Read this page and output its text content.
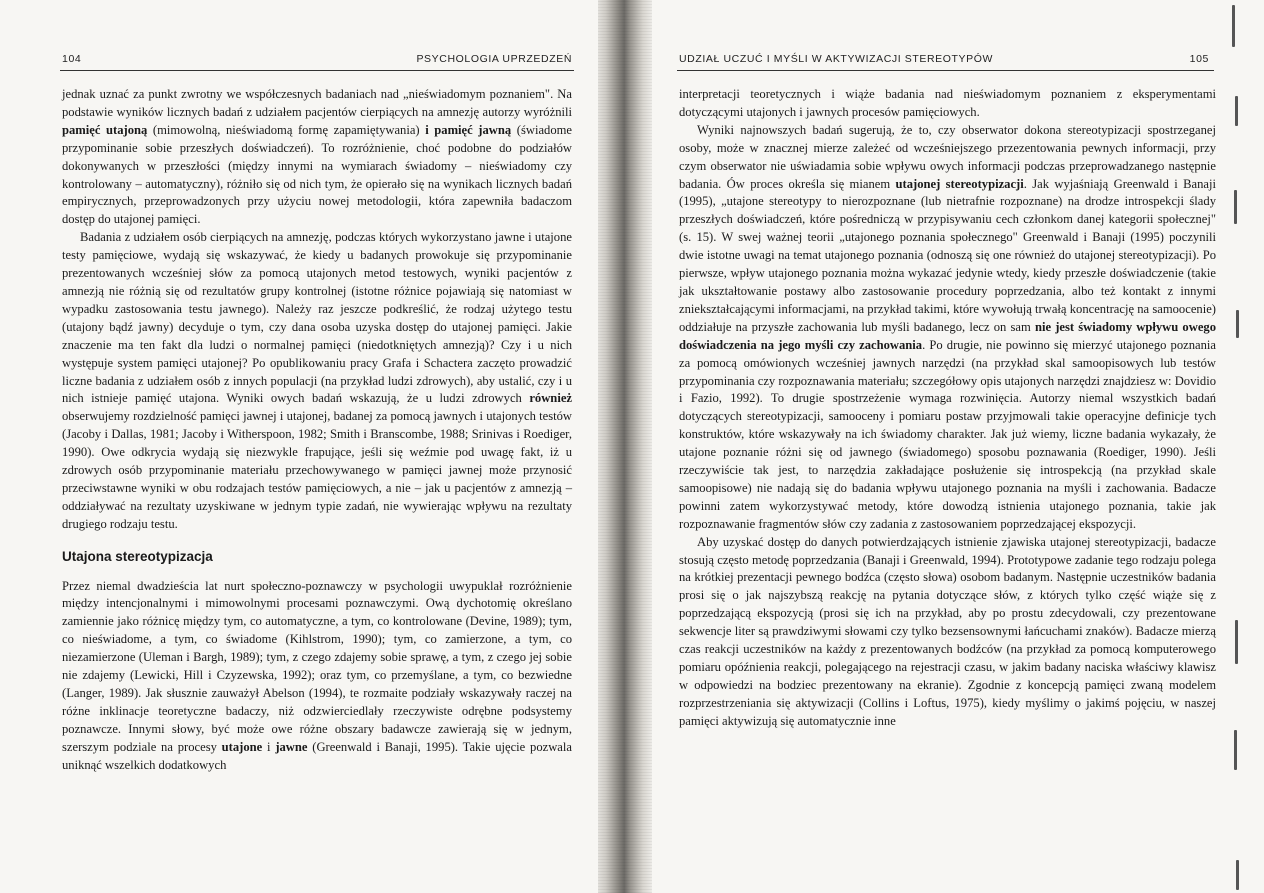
104	PSYCHOLOGIA UPRZEDZEŃ

jednak uznać za punkt zwrotny we współczesnych badaniach nad „nieświadomym poznaniem". Na podstawie wyników licznych badań z udziałem pacjentów cierpiących na amnezję autorzy wyróżnili pamięć utajoną (mimowolną, nieświadomą formę zapamiętywania) i pamięć jawną (świadome przypominanie sobie przeszłych doświadczeń). To rozróżnienie, choć podobne do podziałów dokonywanych w przeszłości (między innymi na wymiarach świadomy – nieświadomy czy kontrolowany – automatyczny), różniło się od nich tym, że opierało się na wynikach licznych badań empirycznych, przeprowadzonych przy użyciu nowej metodologii, która zapewniła badaczom dostęp do utajonej pamięci.

Badania z udziałem osób cierpiących na amnezję, podczas których wykorzystano jawne i utajone testy pamięciowe, wydają się wskazywać, że kiedy u badanych prowokuje się przypominanie prezentowanych wcześniej słów za pomocą utajonych metod testowych, wyniki pacjentów z amnezją nie różnią się od rezultatów grupy kontrolnej (istotne różnice pojawiają się natomiast w wypadku zastosowania testu jawnego). Należy raz jeszcze podkreślić, że rodzaj użytego testu (utajony bądź jawny) decyduje o tym, czy dana osoba uzyska dostęp do utajonej pamięci. Jakie znaczenie ma ten fakt dla ludzi o normalnej pamięci (niedotkniętych amnezją)? Czy i u nich występuje system pamięci utajonej? Po opublikowaniu pracy Grafa i Schactera zaczęto prowadzić liczne badania z udziałem osób z innych populacji (na przykład ludzi zdrowych), aby ustalić, czy i u nich istnieje pamięć utajona. Wyniki owych badań wskazują, że u ludzi zdrowych również obserwujemy rozdzielność pamięci jawnej i utajonej, badanej za pomocą jawnych i utajonych testów (Jacoby i Dallas, 1981; Jacoby i Witherspoon, 1982; Smith i Branscombe, 1988; Srinivas i Roediger, 1990). Owe odkrycia wydają się niezwykle frapujące, jeśli się weźmie pod uwagę fakt, iż u zdrowych osób przypominanie materiału przechowywanego w pamięci jawnej może przynosić przeciwstawne wyniki w obu rodzajach testów pamięciowych, a nie – jak u pacjentów z amnezją – oddziaływać na rezultaty uzyskiwane w jednym typie zadań, nie wywierając wpływu na rezultaty drugiego rodzaju testu.

Utajona stereotypizacja

Przez niemal dwadzieścia lat nurt społeczno-poznawczy w psychologii uwypuklał rozróżnienie między intencjonalnymi i mimowolnymi procesami poznawczymi. Ową dychotomię określano zamiennie jako różnicę między tym, co automatyczne, a tym, co kontrolowane (Devine, 1989); tym, co nieświadome, a tym, co świadome (Kihlstrom, 1990); tym, co zamierzone, a tym, co niezamierzone (Uleman i Bargh, 1989); tym, z czego zdajemy sobie sprawę, a tym, z czego jej sobie nie zdajemy (Lewicki, Hill i Czyzewska, 1992); oraz tym, co przemyślane, a tym, co bezwiedne (Langer, 1989). Jak słusznie zauważył Abelson (1994), te rozmaite podziały wskazywały raczej na różne inklinacje teoretyczne badaczy, niż odzwierciedlały rzeczywiste odrębne podsystemy poznawcze. Innymi słowy, być może owe różne obszary badawcze zawierają się w jednym, szerszym podziale na procesy utajone i jawne (Greenwald i Banaji, 1995). Takie ujęcie pozwala uniknąć wszelkich dodatkowych

UDZIAŁ UCZUĆ I MYŚLI W AKTYWIZACJI STEREOTYPÓW	105

interpretacji teoretycznych i wiąże badania nad nieświadomym poznaniem z eksperymentami dotyczącymi utajonych i jawnych procesów pamięciowych.

Wyniki najnowszych badań sugerują, że to, czy obserwator dokona stereotypizacji spostrzeganej osoby, może w znacznej mierze zależeć od wcześniejszego przezentowania pewnych informacji, przy czym obserwator nie uświadamia sobie wpływu owych informacji podczas przeprowadzanego następnie badania. Ów proces określa się mianem utajonej stereotypizacji. Jak wyjaśniają Greenwald i Banaji (1995), „utajone stereotypy to nierozpoznane (lub nietrafnie rozpoznane) na drodze introspekcji ślady przeszłych doświadczeń, które pośredniczą w przypisywaniu cech członkom danej kategorii społecznej" (s. 15). W swej ważnej teorii „utajonego poznania społecznego" Greenwald i Banaji (1995) poczynili dwie istotne uwagi na temat utajonego poznania (odnoszą się one również do utajonej stereotypizacji). Po pierwsze, wpływ utajonego poznania można wykazać jedynie wtedy, kiedy przeszłe doświadczenie (takie jak ukształtowanie postawy albo zastosowanie procedury poprzedzania, albo też kontakt z innymi zniekształcającymi informacjami, na przykład takimi, które wywołują trwałą koncentrację na samoocenie) oddziałuje na przyszłe zachowania lub myśli badanego, lecz on sam nie jest świadomy wpływu owego doświadczenia na jego myśli czy zachowania. Po drugie, nie powinno się mierzyć utajonego poznania za pomocą omówionych wcześniej jawnych narzędzi (na przykład skal samoopisowych lub testów przypominania czy rozpoznawania materiału; szczegółowy opis utajonych narzędzi znajdziesz w: Dovidio i Fazio, 1992). To drugie spostrzeżenie wymaga rozwinięcia. Autorzy niemal wszystkich badań dotyczących stereotypizacji, samooceny i pomiaru postaw przyjmowali takie operacyjne definicje tych konstruktów, które wskazywały na ich świadomy charakter. Jak już wiemy, liczne badania wykazały, że utajone poznanie różni się od jawnego (świadomego) sposobu poznawania (Roediger, 1990). Jeśli rzeczywiście tak jest, to narzędzia zakładające posłużenie się introspekcją (na przykład skale samoopisowe) nie nadają się do badania wpływu utajonego poznania na myśli i zachowania. Badacze powinni zatem wykorzystywać metody, które dowodzą istnienia utajonego poznania, takie jak rozpoznawanie fragmentów słów czy zadania z zastosowaniem poprzedzającej ekspozycji.

Aby uzyskać dostęp do danych potwierdzających istnienie zjawiska utajonej stereotypizacji, badacze stosują często metodę poprzedzania (Banaji i Greenwald, 1994). Prototypowe zadanie tego rodzaju polega na krótkiej prezentacji pewnego bodźca (często słowa) osobom badanym. Następnie uczestników badania prosi się o jak najszybszą reakcję na pytania dotyczące słów, z których tylko część wiąże się z poprzedzającą ekspozycją (prosi się ich na przykład, aby po prostu zdecydowali, czy prezentowane sekwencje liter są prawdziwymi słowami czy tylko bezsensownymi łańcuchami znaków). Badacze mierzą czas reakcji uczestników na każdy z prezentowanych bodźców (na przykład za pomocą komputerowego pomiaru opóźnienia reakcji, polegającego na rejestracji czasu, w jakim badany naciska właściwy klawisz w odpowiedzi na bodziec prezentowany na ekranie). Zgodnie z koncepcją pamięci zwaną modelem rozprzestrzeniania się aktywizacji (Collins i Loftus, 1975), kiedy myślimy o jakimś pojęciu, w naszej pamięci aktywizują się automatycznie inne
